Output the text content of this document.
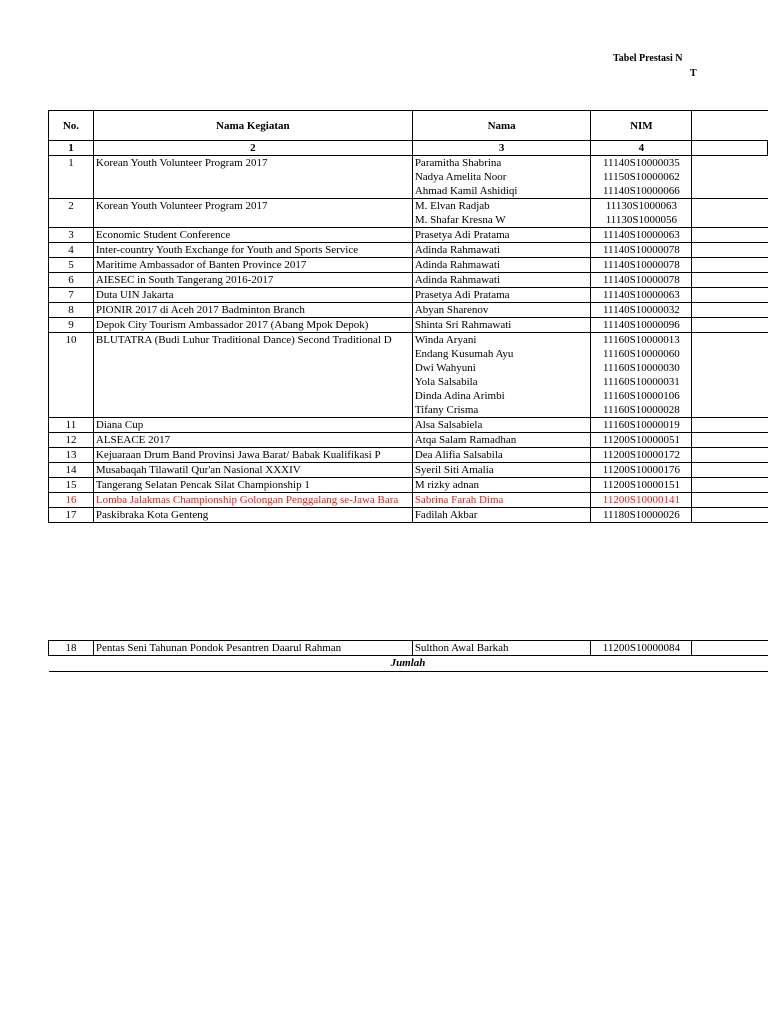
Tabel Prestasi N
T
No.	Nama Kegiatan	Nama	NIM	
1	2	3	4	
1	Korean Youth Volunteer Program 2017	Paramitha Shabrina	11140S10000035	
		Nadya Amelita Noor	11150S10000062	
		Ahmad Kamil Ashidiqi	11140S10000066	
2	Korean Youth Volunteer Program 2017	M. Elvan Radjab	11130S1000063	
		M. Shafar Kresna W	11130S1000056	
3	Economic Student Conference	Prasetya Adi Pratama	11140S10000063	
4	Inter-country Youth Exchange for Youth and Sports Service	Adinda Rahmawati	11140S10000078	
5	Maritime Ambassador of Banten Province 2017	Adinda Rahmawati	11140S10000078	
6	AIESEC in South Tangerang 2016-2017	Adinda Rahmawati	11140S10000078	
7	Duta UIN Jakarta	Prasetya Adi Pratama	11140S10000063	
8	PIONIR 2017 di Aceh 2017 Badminton Branch	Abyan Sharenov	11140S10000032	
9	Depok City Tourism Ambassador 2017 (Abang Mpok Depok)	Shinta Sri Rahmawati	11140S10000096	
10	BLUTATRA (Budi Luhur Traditional Dance) Second Traditional D	Winda Aryani	11160S10000013	
		Endang Kusumah Ayu	11160S10000060	
		Dwi Wahyuni	11160S10000030	
		Yola Salsabila	11160S10000031	
		Dinda Adina Arimbi	11160S10000106	
		Tifany Crisma	11160S10000028	
11	Diana Cup	Alsa Salsabiela	11160S10000019	
12	ALSEACE 2017	Atqa Salam Ramadhan	11200S10000051	
13	Kejuaraan Drum Band Provinsi Jawa Barat/ Babak Kualifikasi P	Dea Alifia Salsabila	11200S10000172	
14	Musabaqah Tilawatil Qur'an Nasional XXXIV	Syeril Siti Amalia	11200S10000176	
15	Tangerang Selatan Pencak Silat Championship 1	M rizky adnan	11200S10000151	
16	Lomba Jalakmas Championship Golongan Penggalang se-Jawa Bara	Sabrina Farah Dima	11200S10000141	
17	Paskibraka Kota Genteng	Fadilah Akbar	11180S10000026	

18	Pentas Seni Tahunan Pondok Pesantren Daarul Rahman	Sulthon Awal Barkah	11200S10000084	
Jumlah				
